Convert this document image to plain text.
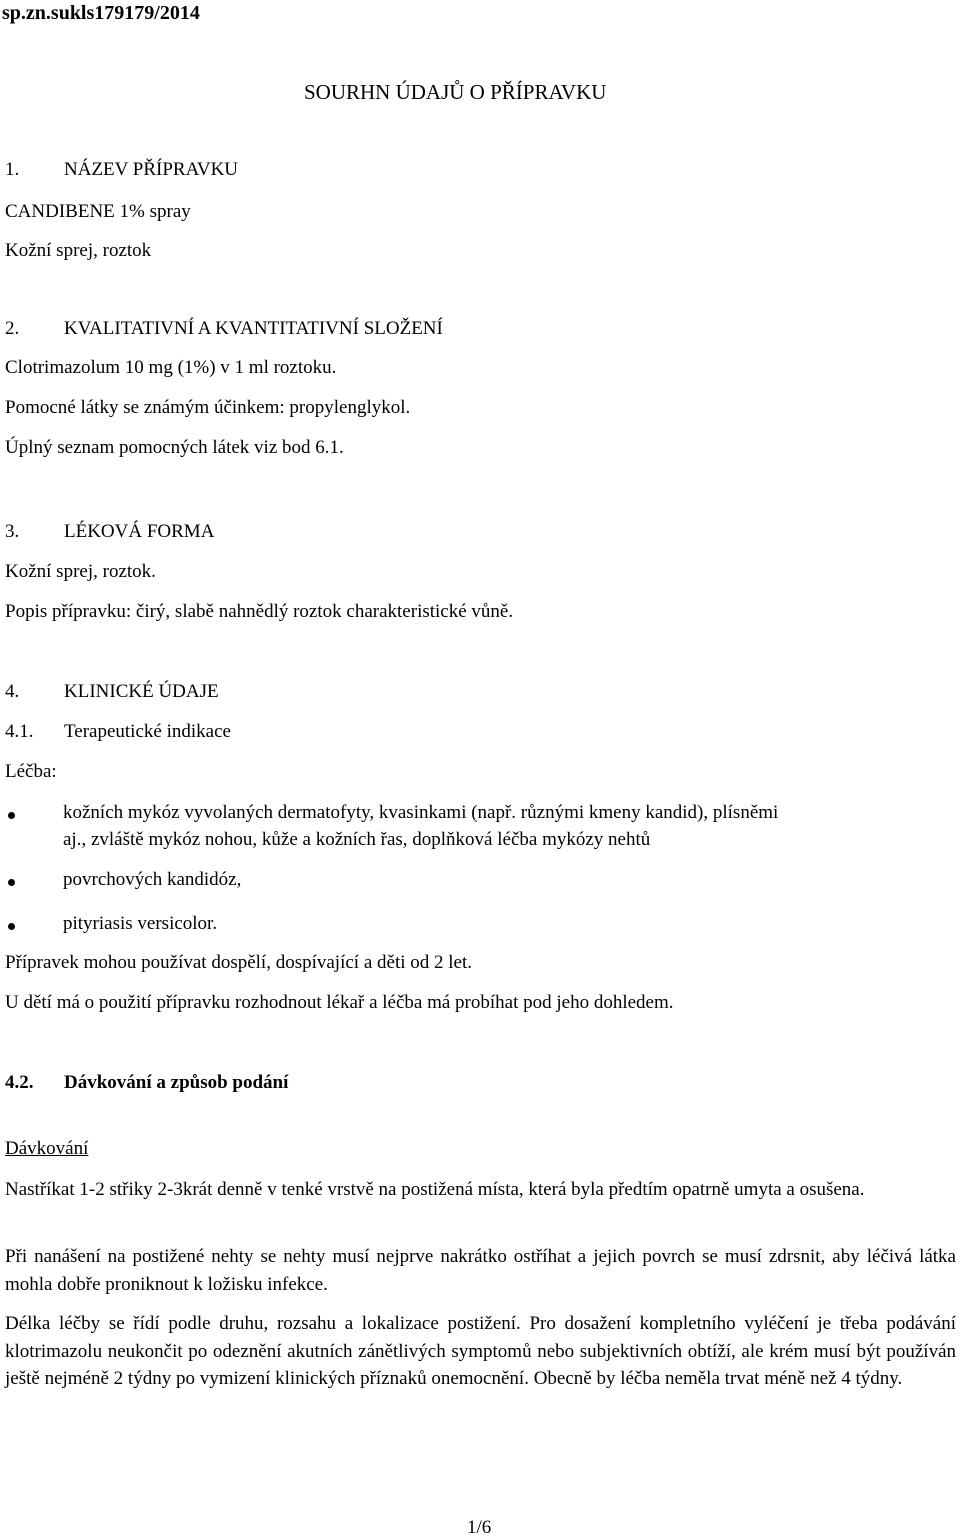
sp.zn.sukls179179/2014
SOURHN ÚDAJŮ O PŘÍPRAVKU
1. NÁZEV PŘÍPRAVKU
CANDIBENE 1% spray
Kožní sprej, roztok
2. KVALITATIVNÍ A KVANTITATIVNÍ SLOŽENÍ
Clotrimazolum 10 mg (1%) v 1 ml roztoku.
Pomocné látky se známým účinkem: propylenglykol.
Úplný seznam pomocných látek viz bod 6.1.
3. LÉKOVÁ FORMA
Kožní sprej, roztok.
Popis přípravku: čirý, slabě nahnědlý roztok charakteristické vůně.
4. KLINICKÉ ÚDAJE
4.1. Terapeutické indikace
Léčba:
kožních mykóz vyvolaných dermatofyty, kvasinkami (např. různými kmeny kandid), plísněmi
aj., zvláště mykóz nohou, kůže a kožních řas, doplňková léčba mykózy nehtů
povrchových kandidóz,
pityriasis versicolor.
Přípravek mohou používat dospělí, dospívající a děti od 2 let.
U dětí má o použití přípravku rozhodnout lékař a léčba má probíhat pod jeho dohledem.
4.2. Dávkování a způsob podání
Dávkování
Nastříkat 1-2 střiky 2-3krát denně v tenké vrstvě na postižená místa, která byla předtím opatrně umyta a osušena.
Při nanášení na postižené nehty se nehty musí nejprve nakrátko ostříhat a jejich povrch se musí zdrsnit, aby léčivá látka mohla dobře proniknout k ložisku infekce.
Délka léčby se řídí podle druhu, rozsahu a lokalizace postižení. Pro dosažení kompletního vyléčení je třeba podávání klotrimazolu neukončit po odeznění akutních zánětlivých symptomů nebo subjektivních obtíží, ale krém musí být používán ještě nejméně 2 týdny po vymizení klinických příznaků onemocnění. Obecně by léčba neměla trvat méně než 4 týdny.
1/6
